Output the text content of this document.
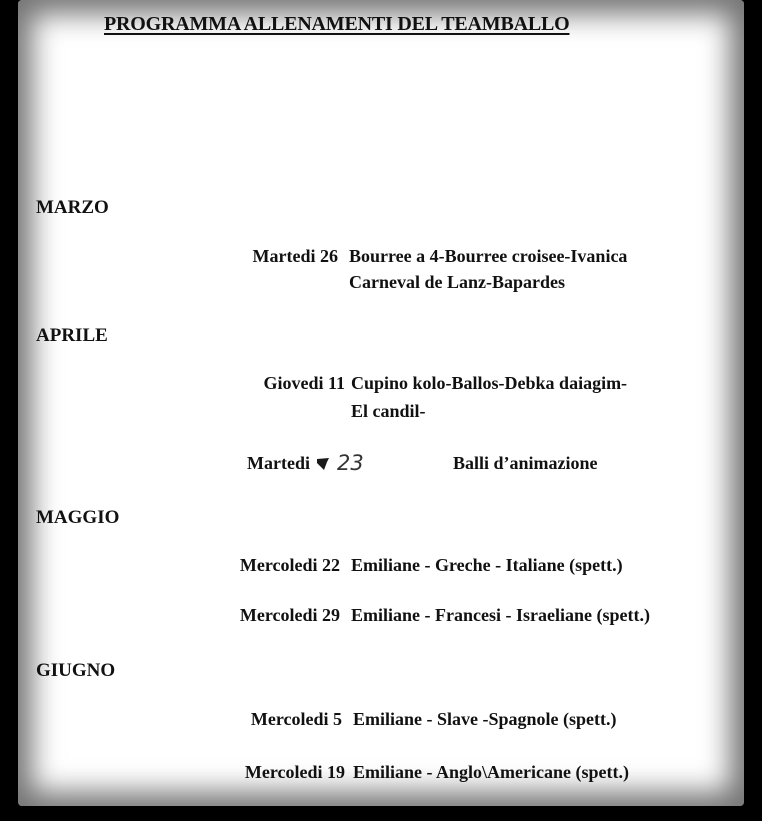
PROGRAMMA ALLENAMENTI DEL TEAMBALLO
MARZO
Martedi 26 Bourree a 4-Bourree croisee-Ivanica
Carneval de Lanz-Bapardes
APRILE
Giovedi 11 Cupino kolo-Ballos-Debka daiagim-
El candil-
Martedi 23	Balli d’animazione
MAGGIO
Mercoledi 22 Emiliane - Greche - Italiane (spett.)
Mercoledi 29 Emiliane - Francesi - Israeliane (spett.)
GIUGNO
Mercoledi 5 Emiliane - Slave -Spagnole (spett.)
Mercoledi 19 Emiliane - Anglo\Americane (spett.)
